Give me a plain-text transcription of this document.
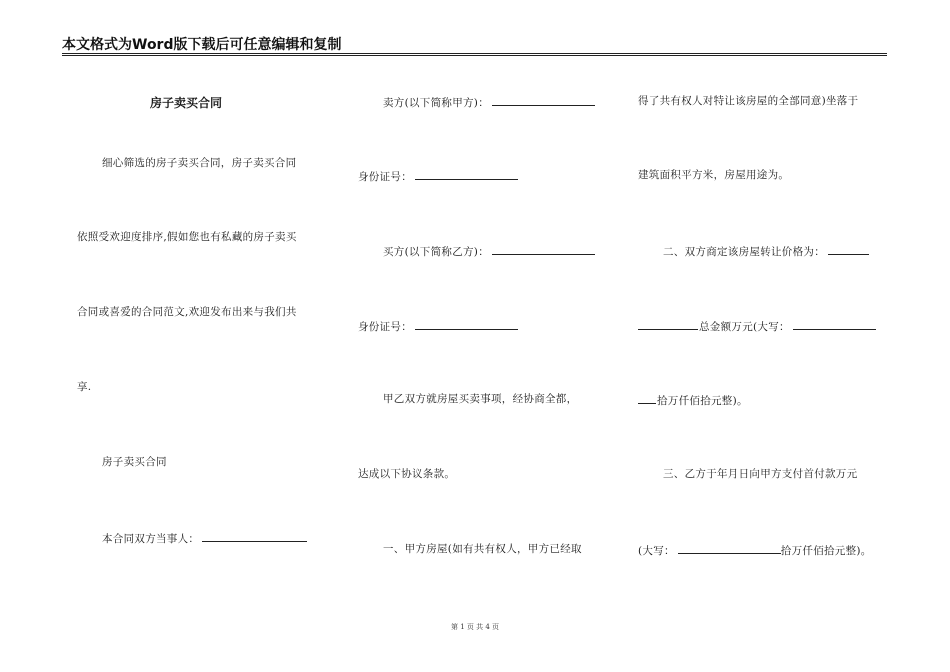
本文格式为Word版下载后可任意编辑和复制
房子卖买合同
细心筛选的房子卖买合同，房子卖买合同
依照受欢迎度排序,假如您也有私藏的房子卖买
合同或喜爱的合同范文,欢迎发布出来与我们共
享.
房子卖买合同
本合同双方当事人：
卖方(以下简称甲方)：
身份证号：
买方(以下简称乙方)：
身份证号：
甲乙双方就房屋买卖事项，经协商全都，
达成以下协议条款。
一、甲方房屋(如有共有权人，甲方已经取
得了共有权人对特让该房屋的全部同意)坐落于
建筑面积平方米，房屋用途为。
二、双方商定该房屋转让价格为：
总金额万元(大写：
拾万仟佰拾元整)。
三、乙方于年月日向甲方支付首付款万元
(大写：	拾万仟佰拾元整)。
第 1 页 共 4 页
